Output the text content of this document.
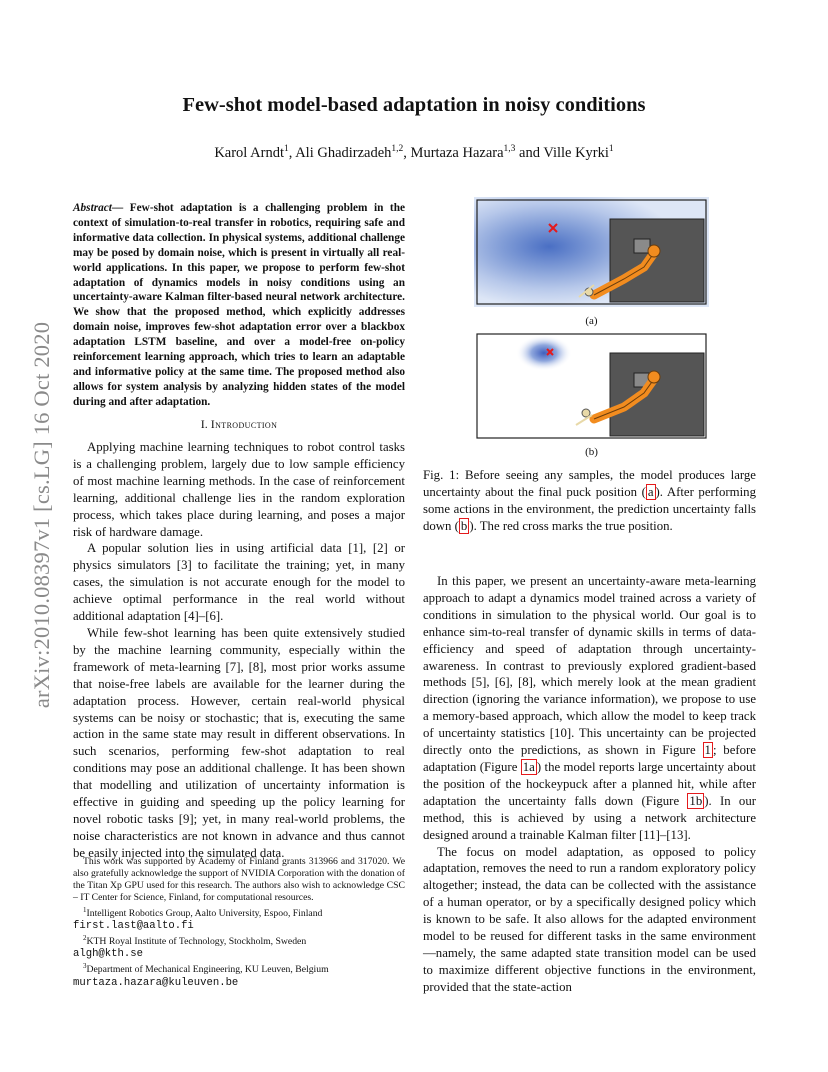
arXiv:2010.08397v1 [cs.LG] 16 Oct 2020
Few-shot model-based adaptation in noisy conditions
Karol Arndt$^1$, Ali Ghadirzadeh$^{1,2}$, Murtaza Hazara$^{1,3}$ and Ville Kyrki$^1$

Abstract— Few-shot adaptation is a challenging problem in the context of simulation-to-real transfer in robotics, requiring safe and informative data collection. In physical systems, additional challenge may be posed by domain noise, which is present in virtually all real-world applications. In this paper, we propose to perform few-shot adaptation of dynamics models in noisy conditions using an uncertainty-aware Kalman filter-based neural network architecture. We show that the proposed method, which explicitly addresses domain noise, improves few-shot adaptation error over a blackbox adaptation LSTM baseline, and over a model-free on-policy reinforcement learning approach, which tries to learn an adaptable and informative policy at the same time. The proposed method also allows for system analysis by analyzing hidden states of the model during and after adaptation.

I. Introduction

Applying machine learning techniques to robot control tasks is a challenging problem, largely due to low sample efficiency of most machine learning methods. In the case of reinforcement learning, additional challenge lies in the random exploration process, which takes place during learning, and poses a major risk of hardware damage.

A popular solution lies in using artificial data [1], [2] or physics simulators [3] to facilitate the training; yet, in many cases, the simulation is not accurate enough for the model to achieve optimal performance in the real world without additional adaptation [4]–[6].

While few-shot learning has been quite extensively studied by the machine learning community, especially within the framework of meta-learning [7], [8], most prior works assume that noise-free labels are available for the learner during the adaptation process. However, certain real-world physical systems can be noisy or stochastic; that is, executing the same action in the same state may result in different observations. In such scenarios, performing few-shot adaptation to real conditions may pose an additional challenge. It has been shown that modelling and utilization of uncertainty information is effective in guiding and speeding up the policy learning for novel robotic tasks [9]; yet, in many real-world problems, the noise characteristics are not known in advance and thus cannot be easily injected into the simulated data.

This work was supported by Academy of Finland grants 313966 and 317020. We also gratefully acknowledge the support of NVIDIA Corporation with the donation of the Titan Xp GPU used for this research. The authors also wish to acknowledge CSC – IT Center for Science, Finland, for computational resources.

$^1$Intelligent Robotics Group, Aalto University, Espoo, Finland

first.last@aalto.fi

$^2$KTH Royal Institute of Technology, Stockholm, Sweden

algh@kth.se

$^3$Department of Mechanical Engineering, KU Leuven, Belgium

murtaza.hazara@kuleuven.be

(a)
(b)

Fig. 1: Before seeing any samples, the model produces large uncertainty about the final puck position ( a ). After performing some actions in the environment, the prediction uncertainty falls down ( b ). The red cross marks the true position.

In this paper, we present an uncertainty-aware meta-learning approach to adapt a dynamics model trained across a variety of conditions in simulation to the physical world. Our goal is to enhance sim-to-real transfer of dynamic skills in terms of data-efficiency and speed of adaptation through uncertainty-awareness. In contrast to previously explored gradient-based methods [5], [6], [8], which merely look at the mean gradient direction (ignoring the variance information), we propose to use a memory-based approach, which allow the model to keep track of uncertainty statistics [10]. This uncertainty can be projected directly onto the predictions, as shown in Figure 1 ; before adaptation (Figure 1a ) the model reports large uncertainty about the position of the hockeypuck after a planned hit, while after adaptation the uncertainty falls down (Figure 1b ). In our method, this is achieved by using a network architecture designed around a trainable Kalman filter [11]–[13].

The focus on model adaptation, as opposed to policy adaptation, removes the need to run a random exploratory policy altogether; instead, the data can be collected with the assistance of a human operator, or by a specifically designed policy which is known to be safe. It also allows for the adapted environment model to be reused for different tasks in the same environment—namely, the same adapted state transition model can be used to maximize different objective functions in the environment, provided that the state-action
